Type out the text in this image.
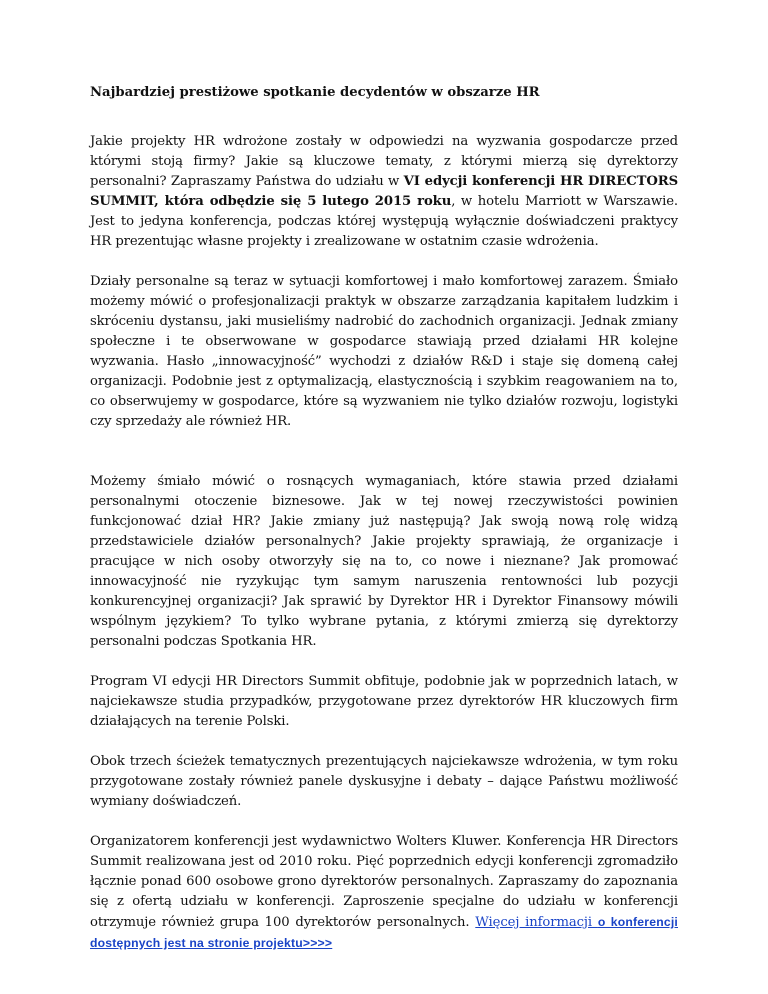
Najbardziej prestiżowe spotkanie decydentów w obszarze HR

Jakie projekty HR wdrożone zostały w odpowiedzi na wyzwania gospodarcze przed którymi stoją firmy? Jakie są kluczowe tematy, z którymi mierzą się dyrektorzy personalni? Zapraszamy Państwa do udziału w VI edycji konferencji HR DIRECTORS SUMMIT, która odbędzie się 5 lutego 2015 roku, w hotelu Marriott w Warszawie. Jest to jedyna konferencja, podczas której występują wyłącznie doświadczeni praktycy HR prezentując własne projekty i zrealizowane w ostatnim czasie wdrożenia.

Działy personalne są teraz w sytuacji komfortowej i mało komfortowej zarazem. Śmiało możemy mówić o profesjonalizacji praktyk w obszarze zarządzania kapitałem ludzkim i skróceniu dystansu, jaki musieliśmy nadrobić do zachodnich organizacji. Jednak zmiany społeczne i te obserwowane w gospodarce stawiają przed działami HR kolejne wyzwania. Hasło „innowacyjność” wychodzi z działów R&D i staje się domeną całej organizacji. Podobnie jest z optymalizacją, elastycznością i szybkim reagowaniem na to, co obserwujemy w gospodarce, które są wyzwaniem nie tylko działów rozwoju, logistyki czy sprzedaży ale również HR.

Możemy śmiało mówić o rosnących wymaganiach, które stawia przed działami personalnymi otoczenie biznesowe. Jak w tej nowej rzeczywistości powinien funkcjonować dział HR? Jakie zmiany już następują? Jak swoją nową rolę widzą przedstawiciele działów personalnych? Jakie projekty sprawiają, że organizacje i pracujące w nich osoby otworzyły się na to, co nowe i nieznane? Jak promować innowacyjność nie ryzykując tym samym naruszenia rentowności lub pozycji konkurencyjnej organizacji? Jak sprawić by Dyrektor HR i Dyrektor Finansowy mówili wspólnym językiem? To tylko wybrane pytania, z którymi zmierzą się dyrektorzy personalni podczas Spotkania HR.

Program VI edycji HR Directors Summit obfituje, podobnie jak w poprzednich latach, w najciekawsze studia przypadków, przygotowane przez dyrektorów HR kluczowych firm działających na terenie Polski.

Obok trzech ścieżek tematycznych prezentujących najciekawsze wdrożenia, w tym roku przygotowane zostały również panele dyskusyjne i debaty – dające Państwu możliwość wymiany doświadczeń.

Organizatorem konferencji jest wydawnictwo Wolters Kluwer. Konferencja HR Directors Summit realizowana jest od 2010 roku. Pięć poprzednich edycji konferencji zgromadziło łącznie ponad 600 osobowe grono dyrektorów personalnych. Zapraszamy do zapoznania się z ofertą udziału w konferencji. Zaproszenie specjalne do udziału w konferencji otrzymuje również grupa 100 dyrektorów personalnych. Więcej informacji o konferencji dostępnych jest na stronie projektu>>>>
